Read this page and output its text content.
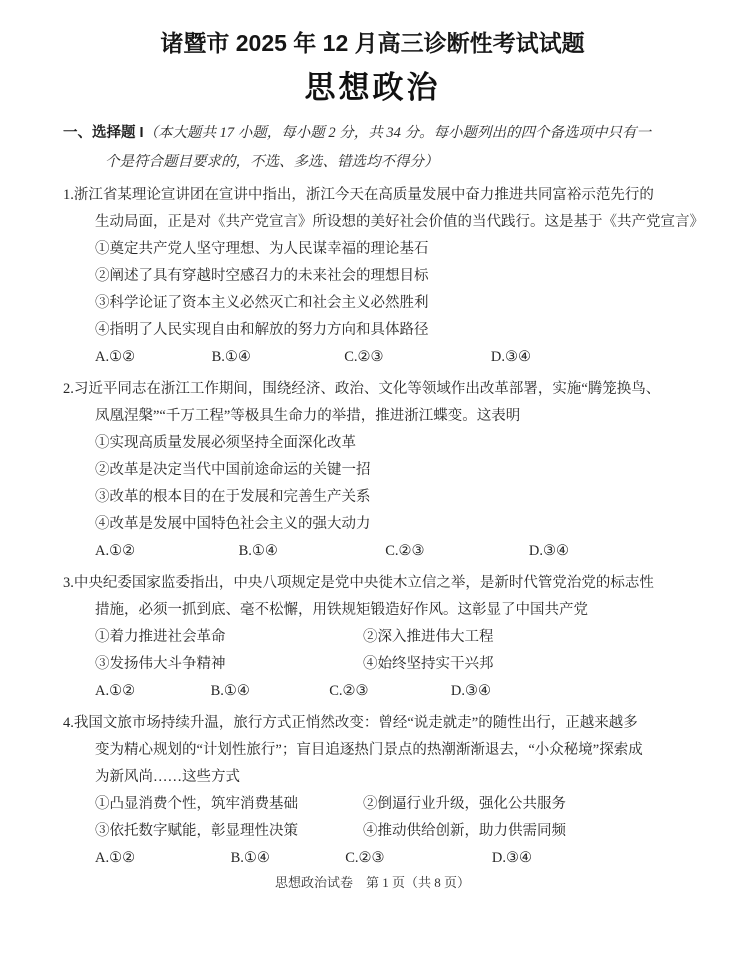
诸暨市 2025 年 12 月高三诊断性考试试题
思想政治
一、选择题 I（本大题共 17 小题，每小题 2 分，共 34 分。每小题列出的四个备选项中只有一
个是符合题目要求的，不选、多选、错选均不得分）
1.浙江省某理论宣讲团在宣讲中指出，浙江今天在高质量发展中奋力推进共同富裕示范先行的
生动局面，正是对《共产党宣言》所设想的美好社会价值的当代践行。这是基于《共产党宣言》
①奠定共产党人坚守理想、为人民谋幸福的理论基石
②阐述了具有穿越时空感召力的未来社会的理想目标
③科学论证了资本主义必然灭亡和社会主义必然胜利
④指明了人民实现自由和解放的努力方向和具体路径
A.①②	B.①④	C.②③	D.③④
2.习近平同志在浙江工作期间，围绕经济、政治、文化等领域作出改革部署，实施“腾笼换鸟、
凤凰涅槃”“千万工程”等极具生命力的举措，推进浙江蝶变。这表明
①实现高质量发展必须坚持全面深化改革
②改革是决定当代中国前途命运的关键一招
③改革的根本目的在于发展和完善生产关系
④改革是发展中国特色社会主义的强大动力
A.①②	B.①④	C.②③	D.③④
3.中央纪委国家监委指出，中央八项规定是党中央徙木立信之举，是新时代管党治党的标志性
措施，必须一抓到底、毫不松懈，用铁规矩锻造好作风。这彰显了中国共产党
①着力推进社会革命	②深入推进伟大工程
③发扬伟大斗争精神	④始终坚持实干兴邦
A.①②	B.①④	C.②③	D.③④
4.我国文旅市场持续升温，旅行方式正悄然改变：曾经“说走就走”的随性出行，正越来越多
变为精心规划的“计划性旅行”；盲目追逐热门景点的热潮渐渐退去，“小众秘境”探索成
为新风尚……这些方式
①凸显消费个性，筑牢消费基础	②倒逼行业升级，强化公共服务
③依托数字赋能，彰显理性决策	④推动供给创新，助力供需同频
A.①②	B.①④	C.②③	D.③④
思想政治试卷　第 1 页（共 8 页）
